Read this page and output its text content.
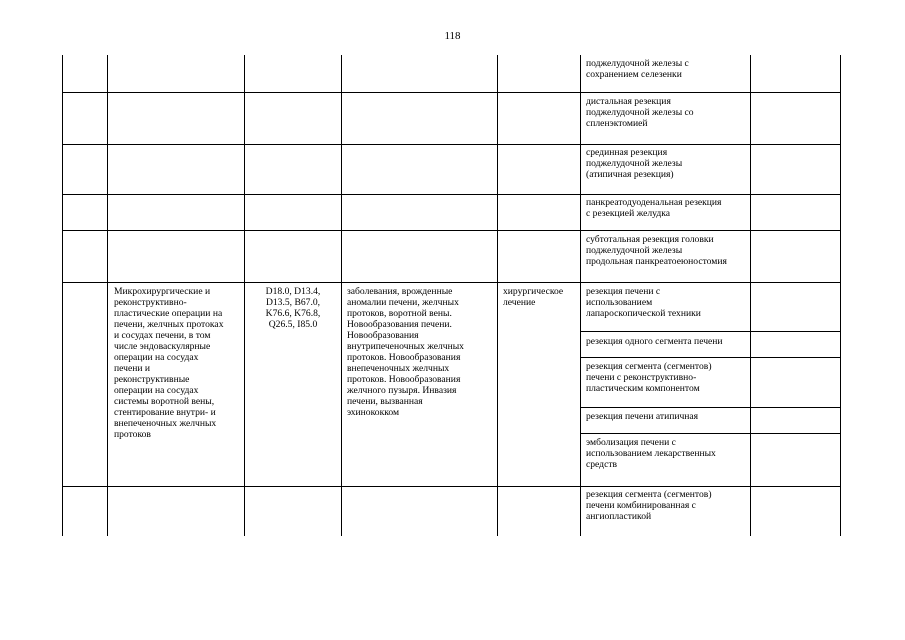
118
поджелудочной железы с
сохранением селезенки
дистальная резекция
поджелудочной железы со
спленэктомией
срединная резекция
поджелудочной железы
(атипичная резекция)
панкреатодуоденальная резекция
с резекцией желудка
субтотальная резекция головки
поджелудочной железы
продольная панкреатоеюностомия
Микрохирургические и
реконструктивно-
пластические операции на
печени, желчных протоках
и сосудах печени, в том
числе эндоваскулярные
операции на сосудах
печени и
реконструктивные
операции на сосудах
системы воротной вены,
стентирование внутри- и
внепеченочных желчных
протоков
D18.0, D13.4,
D13.5, B67.0,
K76.6, K76.8,
Q26.5, I85.0
заболевания, врожденные
аномалии печени, желчных
протоков, воротной вены.
Новообразования печени.
Новообразования
внутрипеченочных желчных
протоков. Новообразования
внепеченочных желчных
протоков. Новообразования
желчного пузыря. Инвазия
печени, вызванная
эхинококком
хирургическое
лечение
резекция печени с
использованием
лапароскопической техники
резекция одного сегмента печени
резекция сегмента (сегментов)
печени с реконструктивно-
пластическим компонентом
резекция печени атипичная
эмболизация печени с
использованием лекарственных
средств
резекция сегмента (сегментов)
печени комбинированная с
ангиопластикой
